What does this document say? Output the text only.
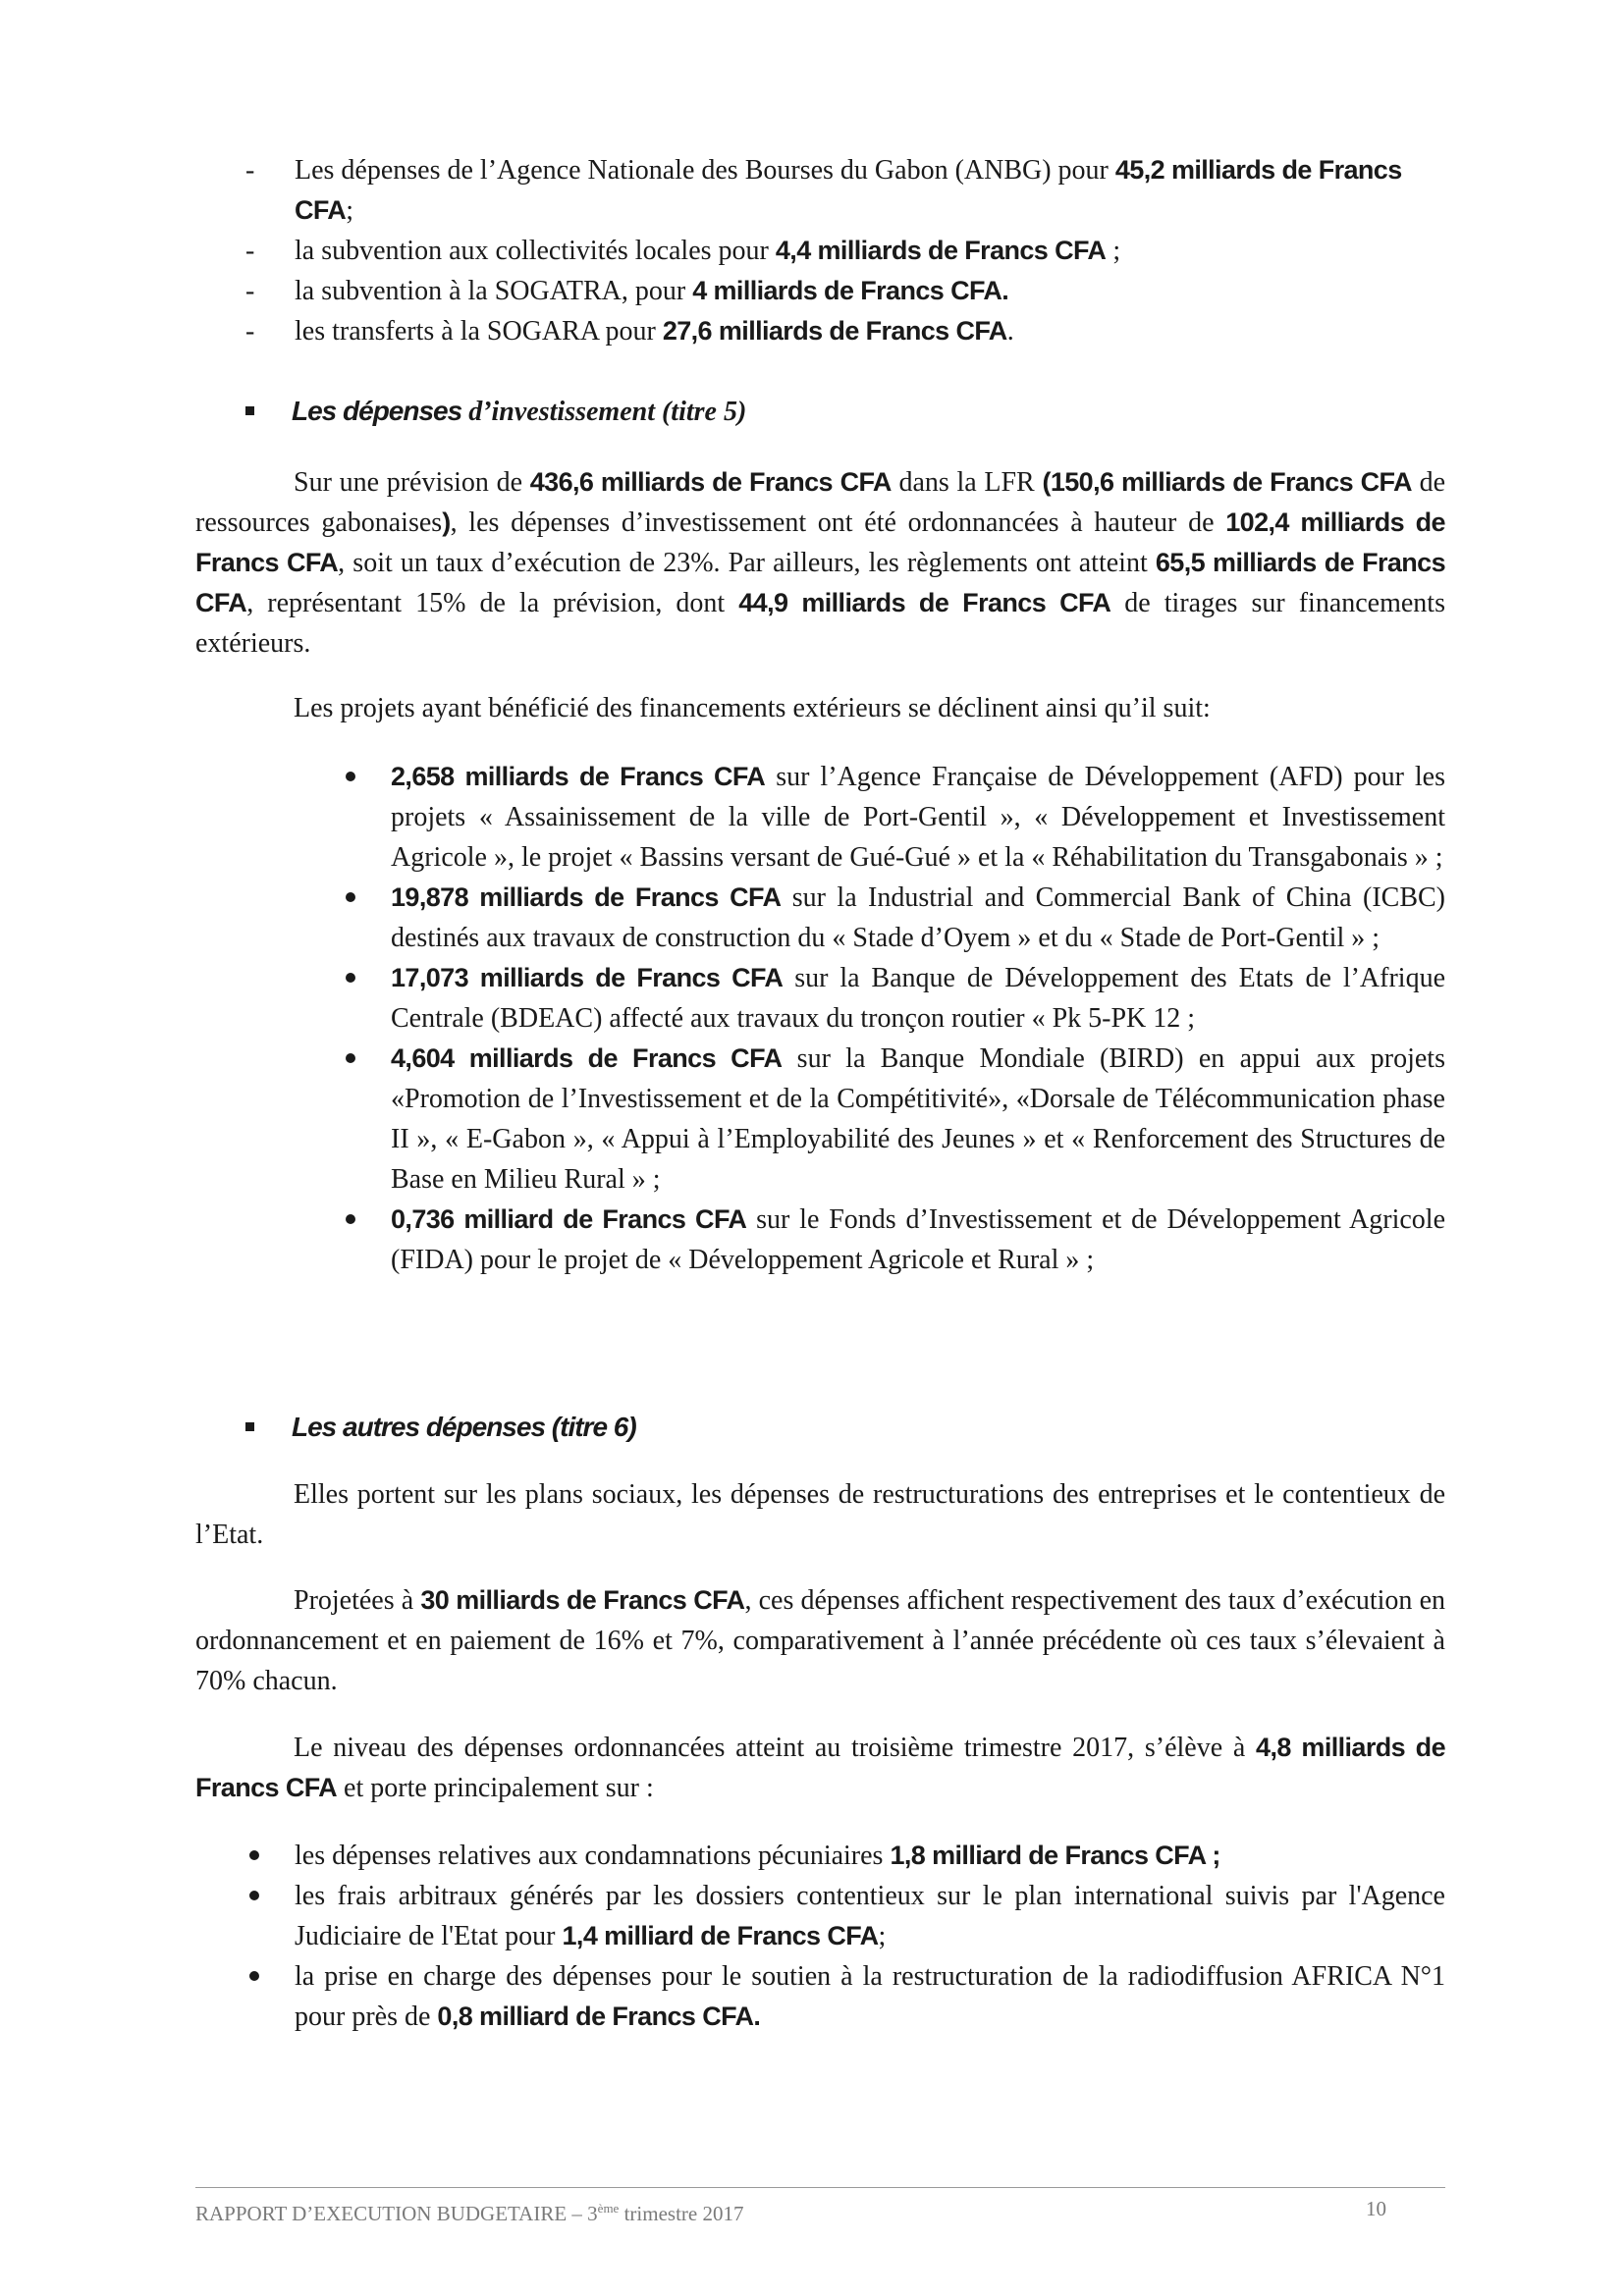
- Les dépenses de l’Agence Nationale des Bourses du Gabon (ANBG) pour 45,2 milliards de Francs CFA;
- la subvention aux collectivités locales pour 4,4 milliards de Francs CFA ;
- la subvention à la SOGATRA, pour 4 milliards de Francs CFA.
- les transferts à la SOGARA pour 27,6 milliards de Francs CFA.
Les dépenses d’investissement (titre 5)

Sur une prévision de 436,6 milliards de Francs CFA dans la LFR (150,6 milliards de Francs CFA de ressources gabonaises), les dépenses d’investissement ont été ordonnancées à hauteur de 102,4 milliards de Francs CFA, soit un taux d’exécution de 23%. Par ailleurs, les règlements ont atteint 65,5 milliards de Francs CFA, représentant 15% de la prévision, dont 44,9 milliards de Francs CFA de tirages sur financements extérieurs.

Les projets ayant bénéficié des financements extérieurs se déclinent ainsi qu’il suit:

2,658 milliards de Francs CFA sur l’Agence Française de Développement (AFD) pour les projets « Assainissement de la ville de Port-Gentil », « Développement et Investissement Agricole », le projet « Bassins versant de Gué-Gué » et la « Réhabilitation du Transgabonais » ;
19,878 milliards de Francs CFA sur la Industrial and Commercial Bank of China (ICBC) destinés aux travaux de construction du « Stade d’Oyem » et du « Stade de Port-Gentil » ;
17,073 milliards de Francs CFA sur la Banque de Développement des Etats de l’Afrique Centrale (BDEAC) affecté aux travaux du tronçon routier « Pk 5-PK 12 ;
4,604 milliards de Francs CFA sur la Banque Mondiale (BIRD) en appui aux projets «Promotion de l’Investissement et de la Compétitivité», «Dorsale de Télécommunication phase II », « E-Gabon », « Appui à l’Employabilité des Jeunes » et « Renforcement des Structures de Base en Milieu Rural » ;
0,736 milliard de Francs CFA sur le Fonds d’Investissement et de Développement Agricole (FIDA) pour le projet de « Développement Agricole et Rural » ;
Les autres dépenses (titre 6)

Elles portent sur les plans sociaux, les dépenses de restructurations des entreprises et le contentieux de l’Etat.

Projetées à 30 milliards de Francs CFA, ces dépenses affichent respectivement des taux d’exécution en ordonnancement et en paiement de 16% et 7%, comparativement à l’année précédente où ces taux s’élevaient à 70% chacun.

Le niveau des dépenses ordonnancées atteint au troisième trimestre 2017, s’élève à 4,8 milliards de Francs CFA et porte principalement sur :

les dépenses relatives aux condamnations pécuniaires 1,8 milliard de Francs CFA ;
les frais arbitraux générés par les dossiers contentieux sur le plan international suivis par l'Agence Judiciaire de l'Etat pour 1,4 milliard de Francs CFA;
la prise en charge des dépenses pour le soutien à la restructuration de la radiodiffusion AFRICA N°1 pour près de 0,8 milliard de Francs CFA.
RAPPORT D’EXECUTION BUDGETAIRE – 3ème trimestre 2017	10
